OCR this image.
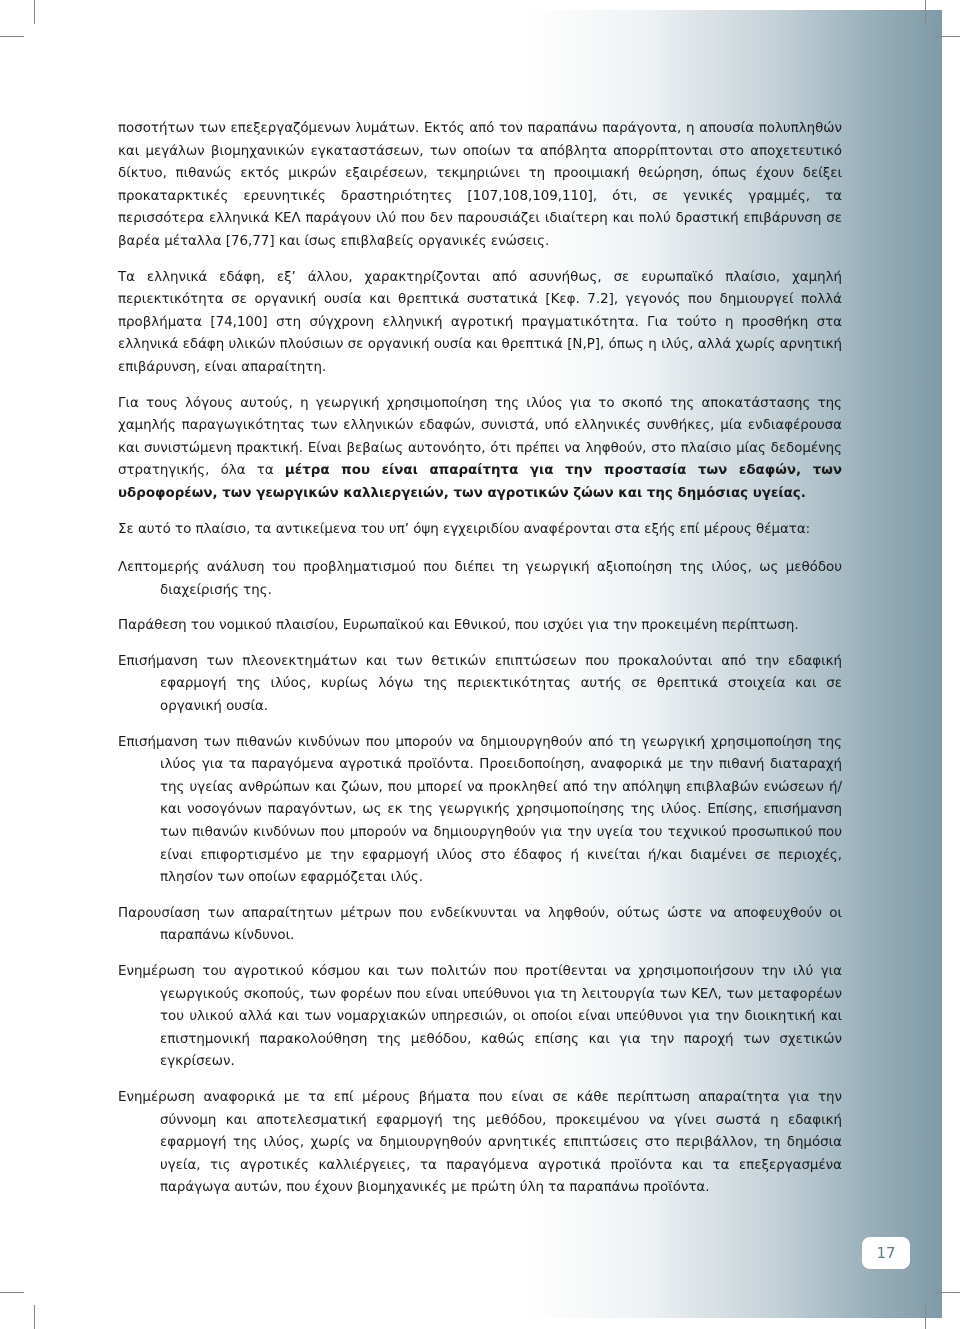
ποσοτήτων των επεξεργαζόμενων λυμάτων. Εκτός από τον παραπάνω παράγοντα, η απουσία πολυπληθών και μεγάλων βιομηχανικών εγκαταστάσεων, των οποίων τα απόβλητα απορρίπτονται στο αποχετευτικό δίκτυο, πιθανώς εκτός μικρών εξαιρέσεων, τεκμηριώνει τη προοιμιακή θεώρηση, όπως έχουν δείξει προκαταρκτικές ερευνητικές δραστηριότητες [107,108,109,110], ότι, σε γενικές γραμμές, τα περισσότερα ελληνικά ΚΕΛ παράγουν ιλύ που δεν παρουσιάζει ιδιαίτερη και πολύ δραστική επιβάρυνση σε βαρέα μέταλλα [76,77] και ίσως επιβλαβείς οργανικές ενώσεις.

Τα ελληνικά εδάφη, εξ’ άλλου, χαρακτηρίζονται από ασυνήθως, σε ευρωπαϊκό πλαίσιο, χαμηλή περιεκτικότητα σε οργανική ουσία και θρεπτικά συστατικά [Κεφ. 7.2], γεγονός που δημιουργεί πολλά προβλήματα [74,100] στη σύγχρονη ελληνική αγροτική πραγματικότητα. Για τούτο η προσθήκη στα ελληνικά εδάφη υλικών πλούσιων σε οργανική ουσία και θρεπτικά [N,P], όπως η ιλύς, αλλά χωρίς αρνητική επιβάρυνση, είναι απαραίτητη.

Για τους λόγους αυτούς, η γεωργική χρησιμοποίηση της ιλύος για το σκοπό της αποκατάστασης της χαμηλής παραγωγικότητας των ελληνικών εδαφών, συνιστά, υπό ελληνικές συνθήκες, μία ενδιαφέρουσα και συνιστώμενη πρακτική. Είναι βεβαίως αυτονόητο, ότι πρέπει να ληφθούν, στο πλαίσιο μίας δεδομένης στρατηγικής, όλα τα μέτρα που είναι απαραίτητα για την προστασία των εδαφών, των υδροφορέων, των γεωργικών καλλιεργειών, των αγροτικών ζώων και της δημόσιας υγείας.

Σε αυτό το πλαίσιο, τα αντικείμενα του υπ’ όψη εγχειριδίου αναφέρονται στα εξής επί μέρους θέματα:

Λεπτομερής ανάλυση του προβληματισμού που διέπει τη γεωργική αξιοποίηση της ιλύος, ως μεθόδου διαχείρισής της.

Παράθεση του νομικού πλαισίου, Ευρωπαϊκού και Εθνικού, που ισχύει για την προκειμένη περίπτωση.

Επισήμανση των πλεονεκτημάτων και των θετικών επιπτώσεων που προκαλούνται από την εδαφική εφαρμογή της ιλύος, κυρίως λόγω της περιεκτικότητας αυτής σε θρεπτικά στοιχεία και σε οργανική ουσία.

Επισήμανση των πιθανών κινδύνων που μπορούν να δημιουργηθούν από τη γεωργική χρησιμοποίηση της ιλύος για τα παραγόμενα αγροτικά προϊόντα. Προειδοποίηση, αναφορικά με την πιθανή διαταραχή της υγείας ανθρώπων και ζώων, που μπορεί να προκληθεί από την απόληψη επιβλαβών ενώσεων ή/και νοσογόνων παραγόντων, ως εκ της γεωργικής χρησιμοποίησης της ιλύος. Επίσης, επισήμανση των πιθανών κινδύνων που μπορούν να δημιουργηθούν για την υγεία του τεχνικού προσωπικού που είναι επιφορτισμένο με την εφαρμογή ιλύος στο έδαφος ή κινείται ή/και διαμένει σε περιοχές, πλησίον των οποίων εφαρμόζεται ιλύς.

Παρουσίαση των απαραίτητων μέτρων που ενδείκνυνται να ληφθούν, ούτως ώστε να αποφευχθούν οι παραπάνω κίνδυνοι.

Ενημέρωση του αγροτικού κόσμου και των πολιτών που προτίθενται να χρησιμοποιήσουν την ιλύ για γεωργικούς σκοπούς, των φορέων που είναι υπεύθυνοι για τη λειτουργία των ΚΕΛ, των μεταφορέων του υλικού αλλά και των νομαρχιακών υπηρεσιών, οι οποίοι είναι υπεύθυνοι για την διοικητική και επιστημονική παρακολούθηση της μεθόδου, καθώς επίσης και για την παροχή των σχετικών εγκρίσεων.

Ενημέρωση αναφορικά με τα επί μέρους βήματα που είναι σε κάθε περίπτωση απαραίτητα για την σύννομη και αποτελεσματική εφαρμογή της μεθόδου, προκειμένου να γίνει σωστά η εδαφική εφαρμογή της ιλύος, χωρίς να δημιουργηθούν αρνητικές επιπτώσεις στο περιβάλλον, τη δημόσια υγεία, τις αγροτικές καλλιέργειες, τα παραγόμενα αγροτικά προϊόντα και τα επεξεργασμένα παράγωγα αυτών, που έχουν βιομηχανικές με πρώτη ύλη τα παραπάνω προϊόντα.

17
